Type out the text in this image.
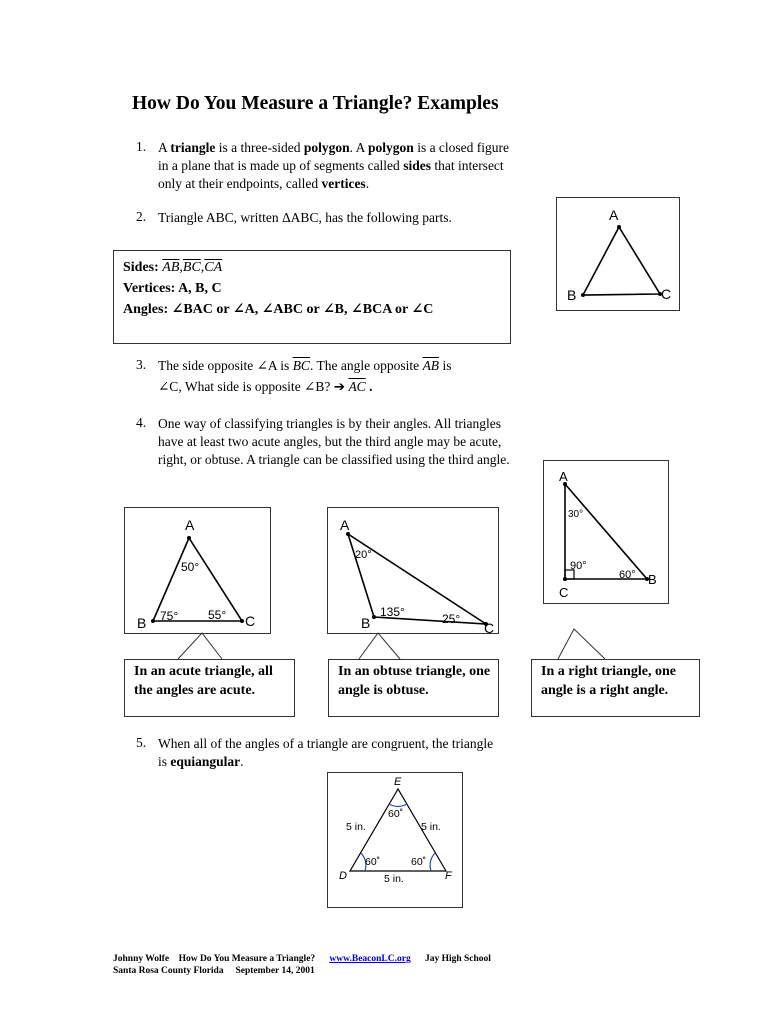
How Do You Measure a Triangle? Examples
1. A triangle is a three-sided polygon. A polygon is a closed figure in a plane that is made up of segments called sides that intersect only at their endpoints, called vertices.
2. Triangle ABC, written ΔABC, has the following parts.
Sides: $\overline{AB},\overline{BC},\overline{CA}$
Vertices: A, B, C
Angles: ∠BAC or ∠A, ∠ABC or ∠B, ∠BCA or ∠C
A
B	C
3. The side opposite ∠A is $\overline{BC}$. The angle opposite $\overline{AB}$ is
∠C, What side is opposite ∠B? ➔ $\overline{AC}$ .
4. One way of classifying triangles is by their angles. All triangles have at least two acute angles, but the third angle may be acute, right, or obtuse. A triangle can be classified using the third angle.
A
C
B
30°
90°
60°
A
B	C
50°
75° 55°
A
B	C
20°
135°	25°
In an acute triangle, all the angles are acute.
In an obtuse triangle, one angle is obtuse.
In a right triangle, one angle is a right angle.
5. When all of the angles of a triangle are congruent, the triangle is equiangular.
E
D	F
60˚
60˚	60˚
5 in.	5 in.
5 in.
Johnny Wolfe How Do You Measure a Triangle? www.BeaconLC.org Jay High School
Santa Rosa County Florida September 14, 2001
